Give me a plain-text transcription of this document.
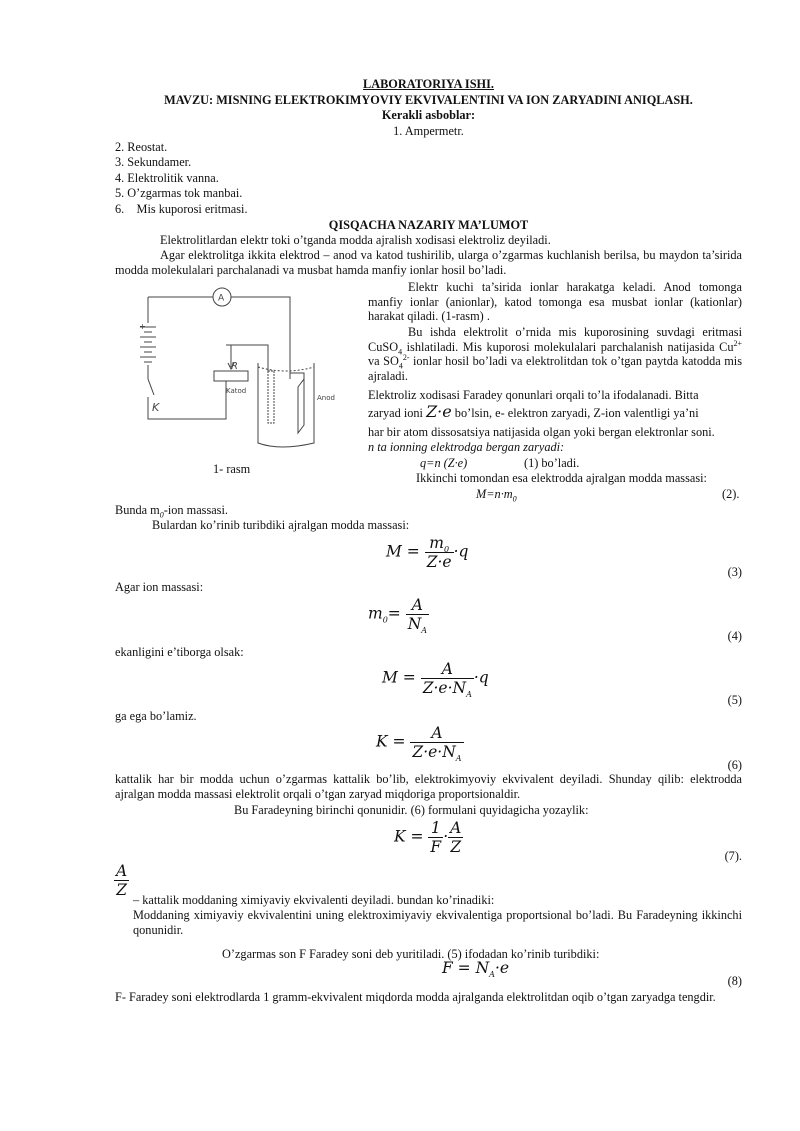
LABORATORIYA ISHI.
MAVZU: MISNING ELEKTROKIMYOVIY EKVIVALENTINI VA ION ZARYADINI ANIQLASH.
Kerakli asboblar:
1. Ampermetr.
2. Reostat.
3. Sekundamer.
4. Elektrolitik vanna.
5. O’zgarmas tok manbai.
6.    Mis kuporosi eritmasi.
QISQACHA NAZARIY MA’LUMOT
Elektrolitlardan elektr toki o’tganda modda ajralish xodisasi elektroliz deyiladi.
Agar elektrolitga ikkita elektrod – anod va katod tushirilib, ularga o’zgarmas kuchlanish berilsa, bu maydon ta’sirida modda molekulalari parchalanadi va musbat hamda manfiy ionlar hosil bo’ladi.
A
+
R
Katod
Anod
K
1- rasm
Elektr kuchi ta’sirida ionlar harakatga keladi. Anod tomonga manfiy ionlar (anionlar), katod tomonga esa musbat ionlar (kationlar) harakat qiladi. (1-rasm) .
Bu ishda elektrolit o’rnida mis kuporosining suvdagi eritmasi CuSO$_4$ ishlatiladi. Mis kuporosi molekulalari parchalanish natijasida $Cu^{2+}$ va $SO_4^{2-}$ ionlar hosil bo’ladi va elektrolitdan tok o’tgan paytda katodda mis ajraladi.
Elektroliz xodisasi Faradey qonunlari orqali to’la ifodalanadi. Bitta
zaryad ioni Z·e bo’lsin, e- elektron zaryadi, Z-ion valentligi ya’ni
har bir atom dissosatsiya natijasida olgan yoki bergan elektronlar soni.
n ta ionning elektrodga bergan zaryadi:
q=n (Z·e)	(1) bo’ladi.
Ikkinchi tomondan esa elektrodda ajralgan modda massasi:
$M=n\cdot m_0$	(2).
Bunda $m_0$-ion massasi.
Bulardan ko’rinib turibdiki ajralgan modda massasi:
$M = \frac{m_0}{Z\cdot e} \cdot q$
(3)
Agar ion massasi:
$m_0= \frac{A}{N_A}$
(4)
ekanligini e’tiborga olsak:
$M = \frac{A}{Z\cdot e\cdot N_A} \cdot q$
(5)
ga ega bo’lamiz.
$K = \frac{A}{Z\cdot e\cdot N_A}$
(6)
kattalik har bir modda uchun o’zgarmas kattalik bo’lib, elektrokimyoviy ekvivalent deyiladi. Shunday qilib: elektrodda ajralgan modda massasi elektrolit orqali o’tgan zaryad miqdoriga proportsionaldir.
Bu Faradeyning birinchi qonunidir. (6) formulani quyidagicha yozaylik:
$K = \frac{1}{F} \cdot \frac{A}{Z}$	(7).
$\frac{A}{Z}$
– kattalik moddaning ximiyaviy ekvivalenti deyiladi. bundan ko’rinadiki:
Moddaning ximiyaviy ekvivalentini uning elektroximiyaviy ekvivalentiga proportsional bo’ladi. Bu Faradeyning ikkinchi qonunidir.
O’zgarmas son F Faradey soni deb yuritiladi. (5) ifodadan ko’rinib turibdiki:
$F = N_A\cdot e$
(8)
F- Faradey soni elektrodlarda 1 gramm-ekvivalent miqdorda modda ajralganda elektrolitdan oqib o’tgan zaryadga tengdir.
